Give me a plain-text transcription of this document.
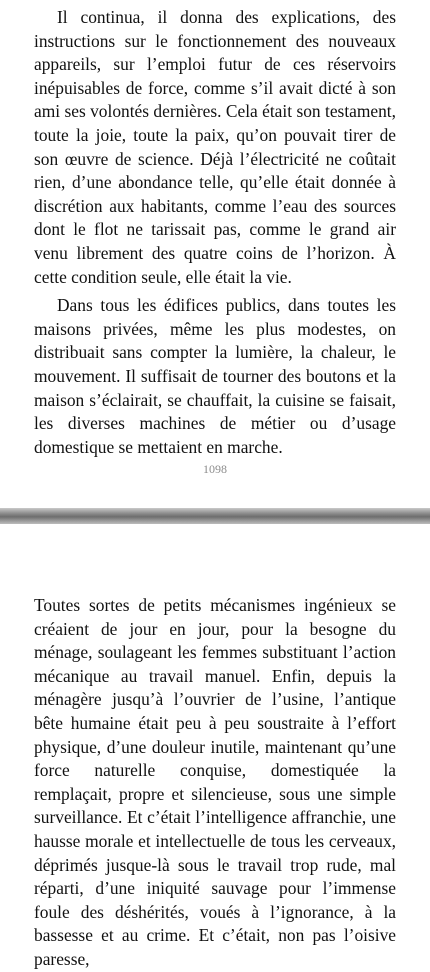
Il continua, il donna des explications, des instructions sur le fonctionnement des nouveaux appareils, sur l’emploi futur de ces réservoirs inépuisables de force, comme s’il avait dicté à son ami ses volontés dernières. Cela était son testament, toute la joie, toute la paix, qu’on pouvait tirer de son œuvre de science. Déjà l’électricité ne coûtait rien, d’une abondance telle, qu’elle était donnée à discrétion aux habitants, comme l’eau des sources dont le flot ne tarissait pas, comme le grand air venu librement des quatre coins de l’horizon. À cette condition seule, elle était la vie.

Dans tous les édifices publics, dans toutes les maisons privées, même les plus modestes, on distribuait sans compter la lumière, la chaleur, le mouvement. Il suffisait de tourner des boutons et la maison s’éclairait, se chauffait, la cuisine se faisait, les diverses machines de métier ou d’usage domestique se mettaient en marche.

1098

Toutes sortes de petits mécanismes ingénieux se créaient de jour en jour, pour la besogne du ménage, soulageant les femmes substituant l’action mécanique au travail manuel. Enfin, depuis la ménagère jusqu’à l’ouvrier de l’usine, l’antique bête humaine était peu à peu soustraite à l’effort physique, d’une douleur inutile, maintenant qu’une force naturelle conquise, domestiquée la remplaçait, propre et silencieuse, sous une simple surveillance. Et c’était l’intelligence affranchie, une hausse morale et intellectuelle de tous les cerveaux, déprimés jusque-là sous le travail trop rude, mal réparti, d’une iniquité sauvage pour l’immense foule des déshérités, voués à l’ignorance, à la bassesse et au crime. Et c’était, non pas l’oisive paresse,
